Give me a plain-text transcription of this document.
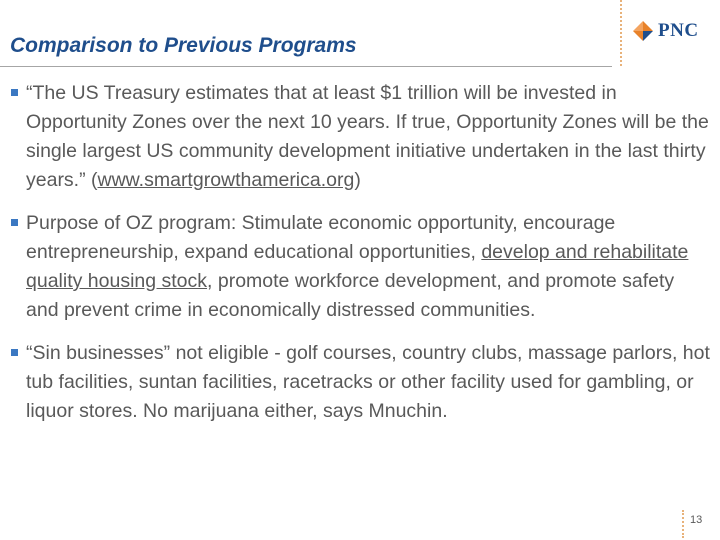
Comparison to Previous Programs
PNC
“The US Treasury estimates that at least $1 trillion will be invested in Opportunity Zones over the next 10 years. If true, Opportunity Zones will be the single largest US community development initiative undertaken in the last thirty years.” (www.smartgrowthamerica.org)
Purpose of OZ program: Stimulate economic opportunity, encourage entrepreneurship, expand educational opportunities, develop and rehabilitate quality housing stock, promote workforce development, and promote safety and prevent crime in economically distressed communities.
“Sin businesses” not eligible - golf courses, country clubs, massage parlors, hot tub facilities, suntan facilities, racetracks or other facility used for gambling, or liquor stores. No marijuana either, says Mnuchin.
13
